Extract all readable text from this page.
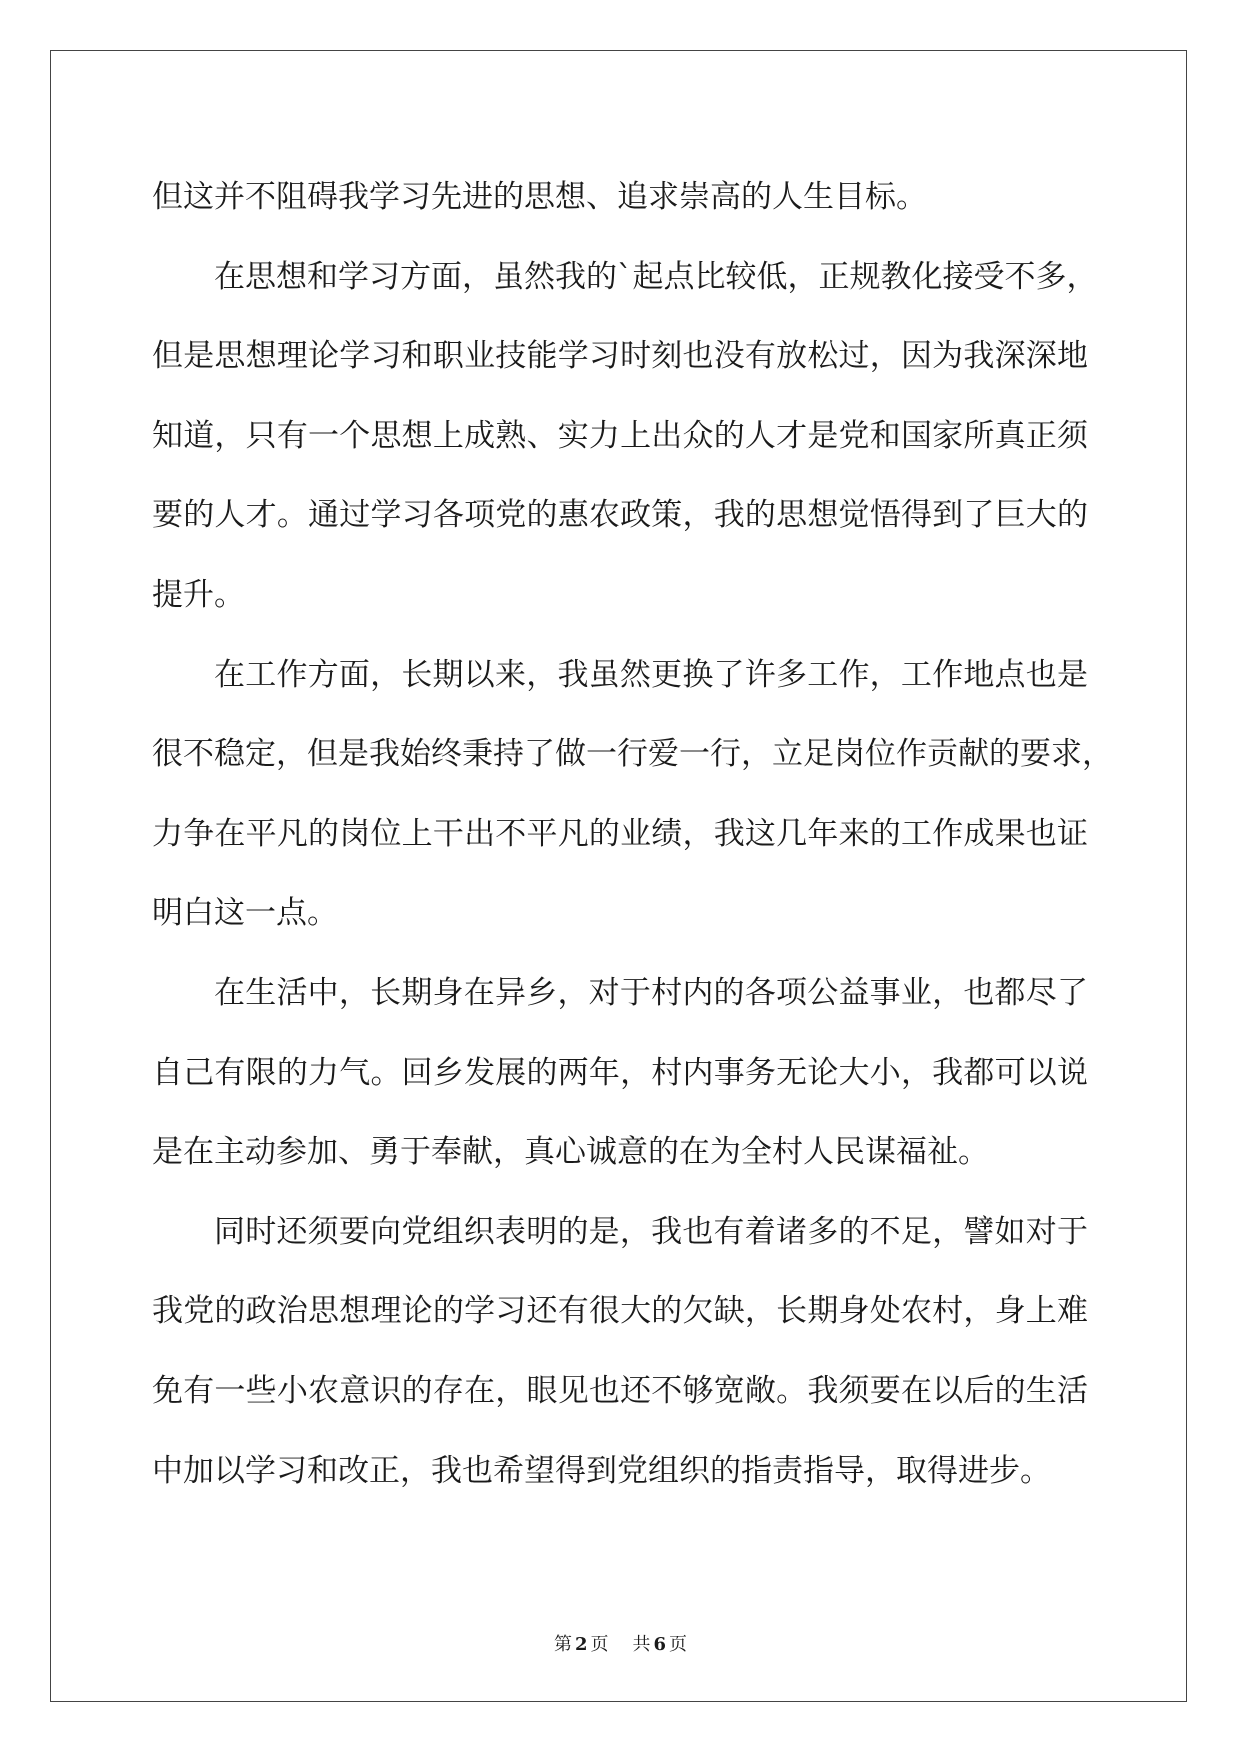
但这并不阻碍我学习先进的思想、追求崇高的人生目标。
在思想和学习方面，虽然我的`起点比较低，正规教化接受不多，
但是思想理论学习和职业技能学习时刻也没有放松过，因为我深深地
知道，只有一个思想上成熟、实力上出众的人才是党和国家所真正须
要的人才。通过学习各项党的惠农政策，我的思想觉悟得到了巨大的
提升。
在工作方面，长期以来，我虽然更换了许多工作，工作地点也是
很不稳定，但是我始终秉持了做一行爱一行，立足岗位作贡献的要求，
力争在平凡的岗位上干出不平凡的业绩，我这几年来的工作成果也证
明白这一点。
在生活中，长期身在异乡，对于村内的各项公益事业，也都尽了
自己有限的力气。回乡发展的两年，村内事务无论大小，我都可以说
是在主动参加、勇于奉献，真心诚意的在为全村人民谋福祉。
同时还须要向党组织表明的是，我也有着诸多的不足，譬如对于
我党的政治思想理论的学习还有很大的欠缺，长期身处农村，身上难
免有一些小农意识的存在，眼见也还不够宽敞。我须要在以后的生活
中加以学习和改正，我也希望得到党组织的指责指导，取得进步。
第 2 页 共 6 页
